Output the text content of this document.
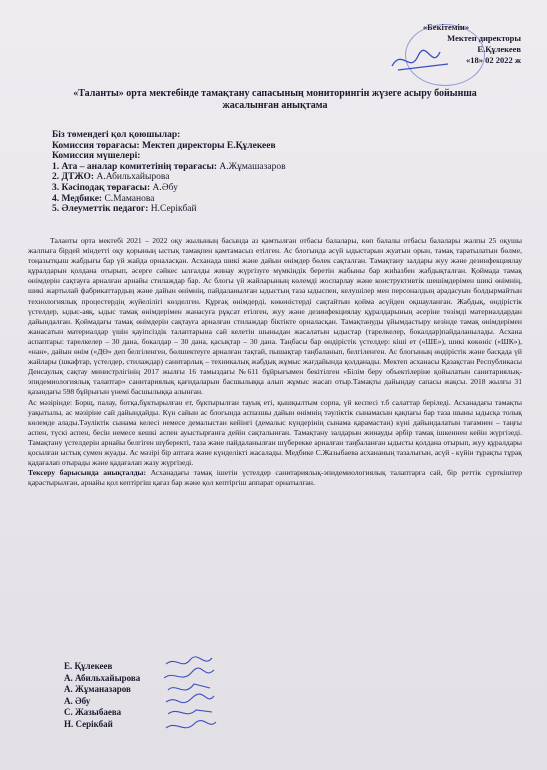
«Бекітемін»
Мектеп директоры
Е.Құлекеев
«18» 02 2022 ж
«Таланты» орта мектебінде тамақтану сапасының мониторингін жүзеге асыру бойынша жасалынған анықтама
Біз төмендегі қол қоюшылар:
Комиссия төрағасы: Мектеп директоры Е.Құлекеев
Комиссия мүшелері:
1. Ата – аналар комитетінің төрағасы: А.Жұмашазаров
2. ДТЖО: А.Абильхайырова
3. Кәсіподақ төрағасы: А.Әбу
4. Медбике: С.Маманова
5. Әлеуметтік педагог: Н.Серікбай

Таланты орта мектебі 2021 – 2022 оқу жылының басында аз қамтылған отбасы балалары, көп балалы отбасы балалары жалпы 25 оқушы жалпыға бірдей міндетті оқу қорының ыстық тамақпен қамтамасыз етілген. Ас блогында асүй ыдыстарын жуатын орын, тамақ таратылатын бөлме, тоңазытқыш жабдығы бар үй жайда орналасқан. Асханада шикі және дайын өнімдер бөлек сақталған. Тамақтану залдары жуу және дезинфекциялау құралдарын қолдана отырып, әсерге сәйкес ылғалды жинау жүргізуге мүмкіндік беретін жабыны бар жиһазбен жабдықталған. Қоймада тамақ өнімдерін сақтауға арналған арнайы стилаждар бар. Ас блогы үй жайларының көлемді жоспарлау және конструктивтік шешімдерімен шикі өнімнің, шикі жартылай фабрикаттардың және дайын өнімнің, пайдаланылған ыдыстың таза ыдыспен, келушілер мен персоналдың арадасуын болдырмайтын технологиялық процестердің жүйелілігі көзделген. Құрғақ өнімдерді, көкөністерді сақтайтын қойма асүйден оқшауланған. Жабдық, өндірістік үстелдер, ыдыс-аяқ, ыдыс тамақ өнімдерімен жанасуға рұқсат етілген, жуу және дезинфекциялау құралдарының әсеріне төзімді материалдардан дайындалған. Қоймадағы тамақ өнімдерін сақтауға арналған стилаждар біктікте орналасқан. Тамақтануды ұйымдастыру кезінде тамақ өнімдерімен жанасатын материалдар үшін қауіпсіздік талаптарына сай келетін шыныдан жасалатын ыдыстар (тарелкелер, бокалдар)пайдаланылады. Асхана аспаптары: тарелкелер – 30 дана, бокалдар – 30 дана, қасықтар – 30 дана. Таңбасы бар өндірістік үстелдер: кіші ет («ШЕ»), шикі көкөніс («ШК»), «нан», дайын өнім («ДӨ» деп белгіленген, бөлшектеуге арналған тақтай, пышақтар таңбаланып, белгіленген. Ас блогының өндірістік және басқада үй жайлары (шкафтар, үстелдер, стилаждар) санитарлық – техникалық жабдық жұмыс жағдайында қолданады. Мектеп асханасы Қазақстан Республикасы Денсаулық сақтау министрлігінің 2017 жылғы 16 тамыздағы №611 бұйрығымен бекітілген «Білім беру объектілеріне қойылатын санитариялық-эпидемиологиялық талаптар» санитариялық қағидаларын басшылыққа алып жұмыс жасап отыр.Тамақты дайындау сапасы жақсы. 2018 жылғы 31 қазандағы 598 бұйрығын үнемі басшылыққа алынған.

Ас мәзірінде: Борщ, палау, ботқа,бұктырылған ет, бұктырылған тауық еті, қышқылтым сорпа, үй кеспесі т.б салаттар беріледі. Асханадағы тамақты уақытылы, ас мәзіріне сай дайындайды. Күн сайын ас блогында аспазшы дайын өнімнің тәуліктік сынамасын қақпағы бар таза шыны ыдысқа толық көлемде алады.Тәуліктік сынама келесі немесе демалыстан кейінгі (демалыс күндерінің сынама қарамастан) күні дайындалатын тағамнен – таңғы аспен, түскі аспен, бесін немесе кешкі аспен ауыстырғанға дейін сақталынған. Тамақтану залдарын жинауды әрбір тамақ ішкеннен кейін жүргізеді. Тамақтану үстелдерін арнайы белгіген шүберекті, таза және пайдаланылған шүберекке арналған таңбаланған ыдысты қолдана отырып, жуу құралдары қосылған ыстық сумен жуады. Ас мәзірі бір аптаға және күнделікті жасалады. Медбике С.Жазыбаева асхананың тазалығын, асүй - күйін тұрақты тұрақ қадағалап отырады және қадағалап жазу жүргізеді.

Тексеру барысында анықталды: Асханадағы тамақ ішетін үстелдер санитариялық-эпидемиологиялық талаптарға сай, бір реттік сүрткіштер қарастырылған, арнайы қол кептіргіш қағаз бар және қол кептіргіш аппарат орнатылған.

Е. Құлекеев
А. Абильхайырова
А. Жұманазаров
А. Әбу
С. Жазыбаева
Н. Серікбай
